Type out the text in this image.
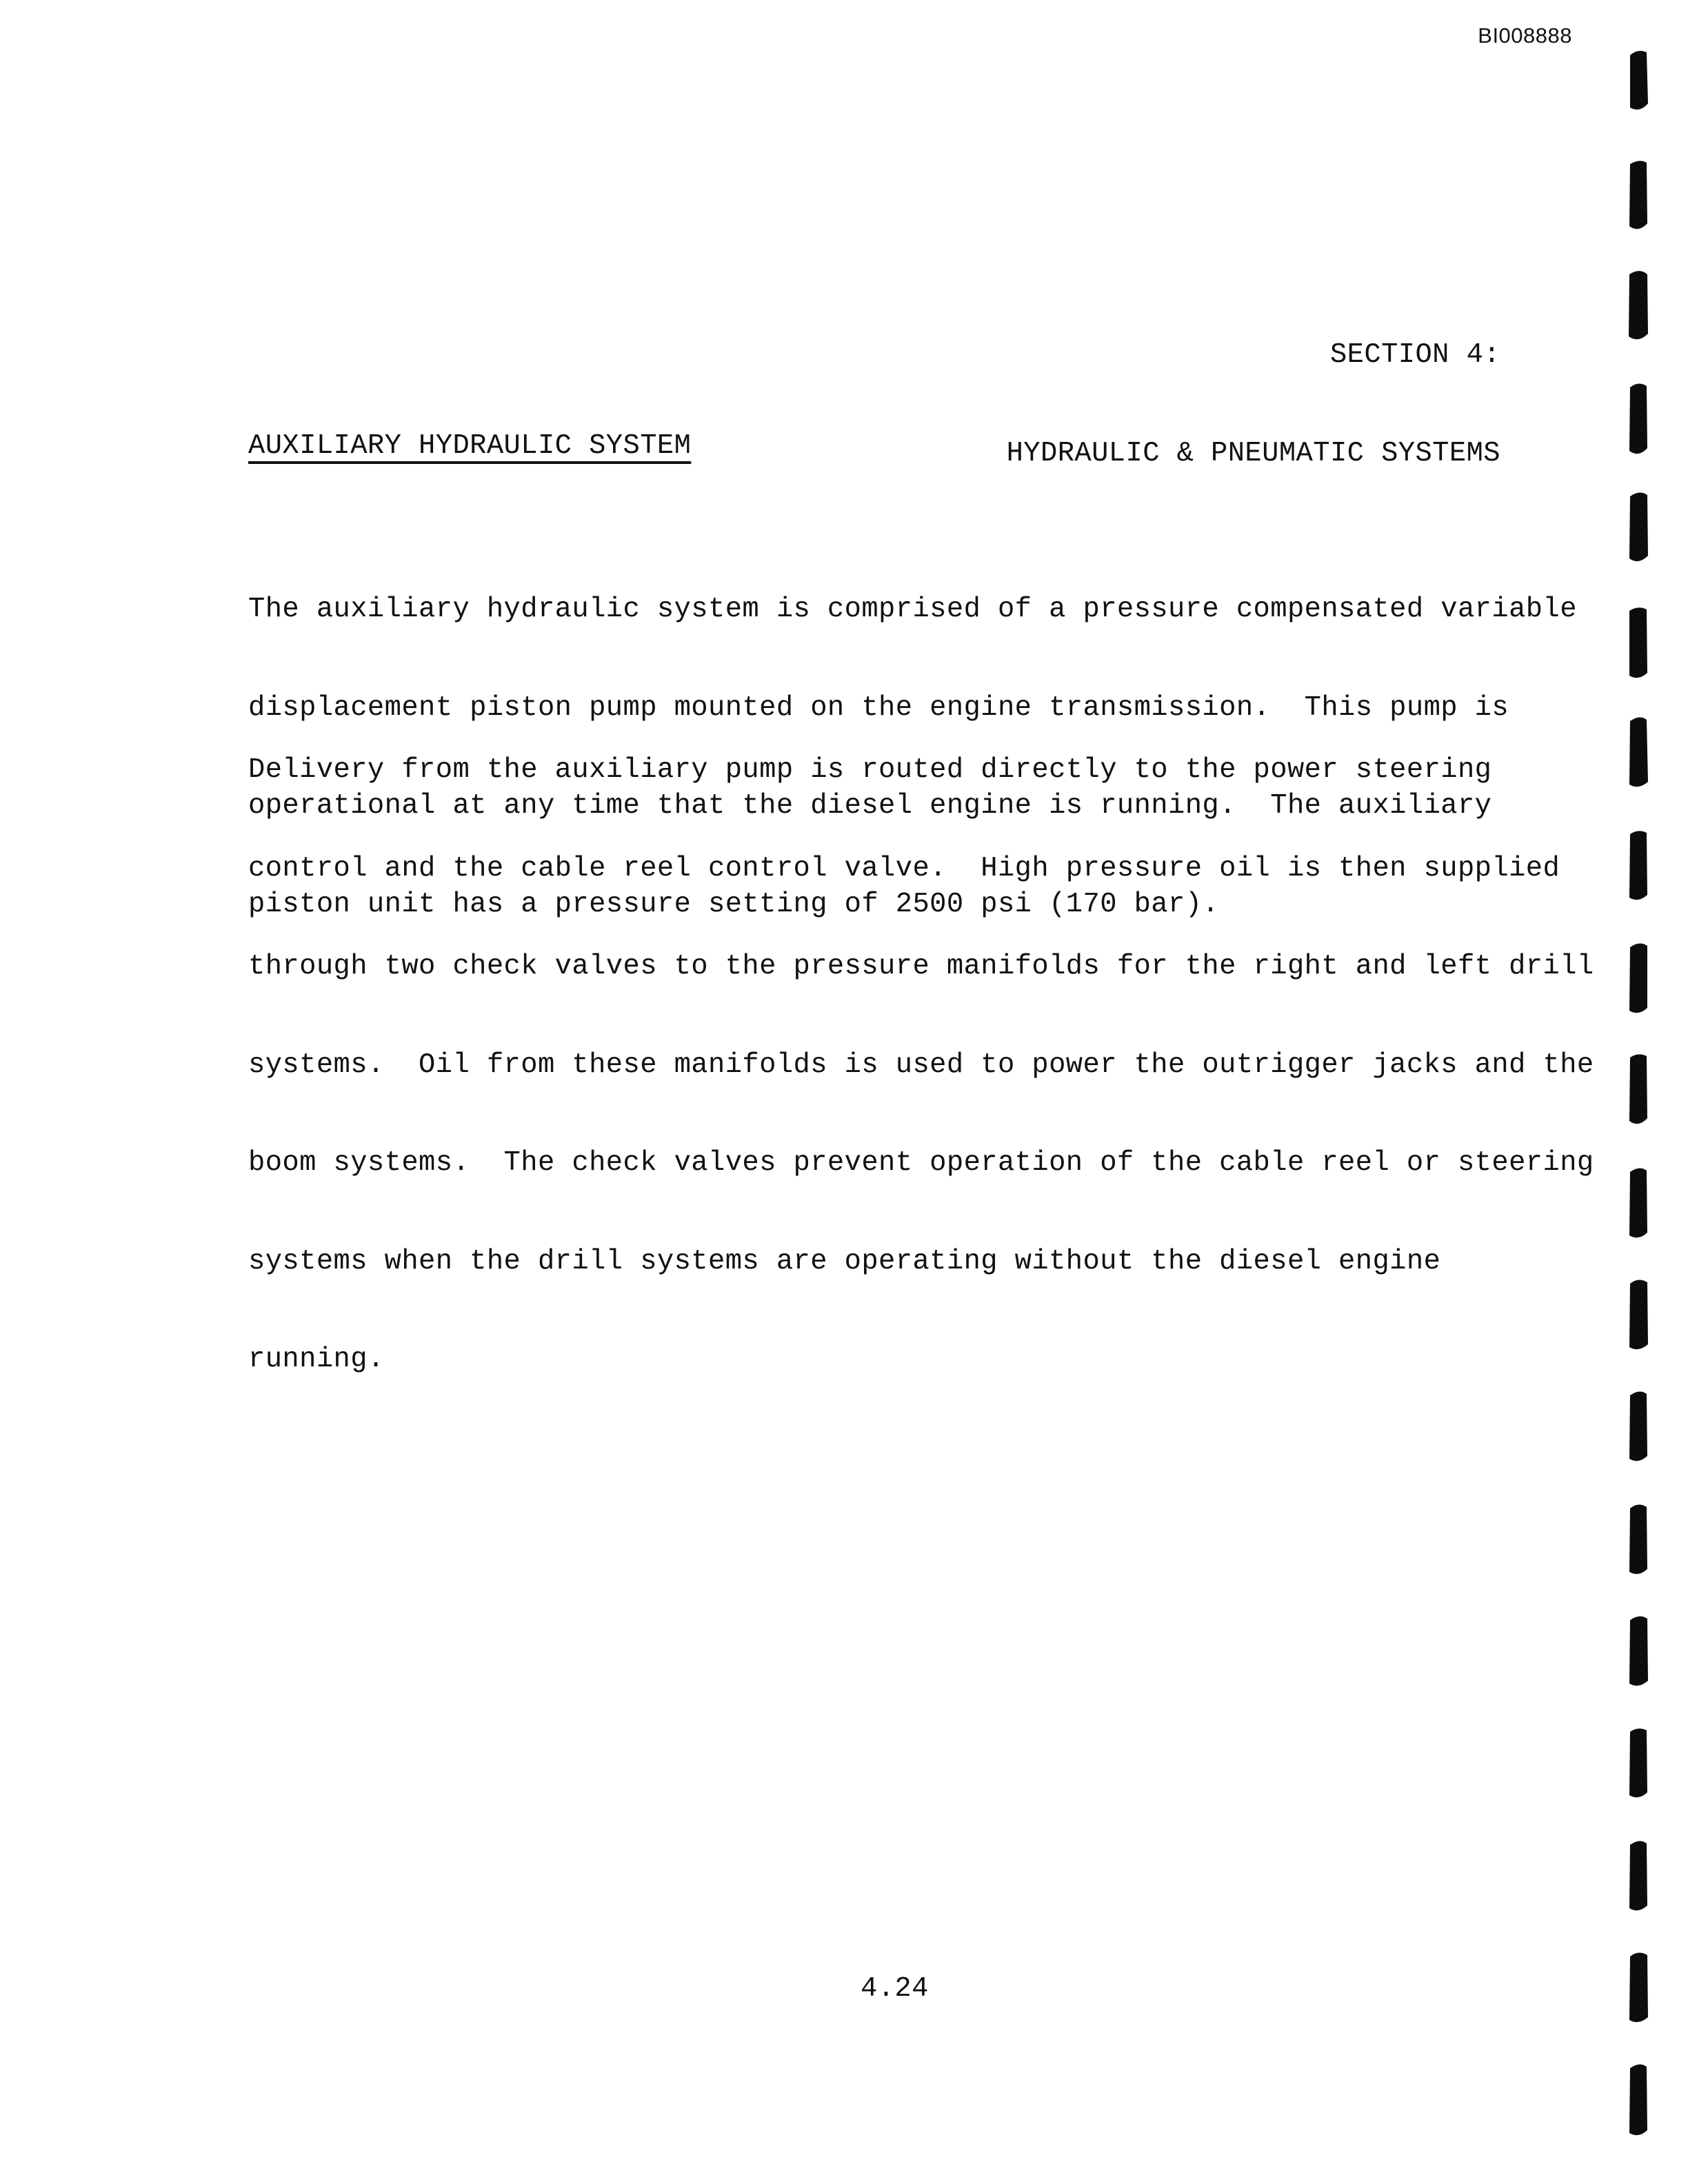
BI008888

SECTION 4:

HYDRAULIC & PNEUMATIC SYSTEMS

AUXILIARY HYDRAULIC SYSTEM

The auxiliary hydraulic system is comprised of a pressure compensated variable

displacement piston pump mounted on the engine transmission.  This pump is

operational at any time that the diesel engine is running.  The auxiliary

piston unit has a pressure setting of 2500 psi (170 bar).

Delivery from the auxiliary pump is routed directly to the power steering

control and the cable reel control valve.  High pressure oil is then supplied

through two check valves to the pressure manifolds for the right and left drill

systems.  Oil from these manifolds is used to power the outrigger jacks and the

boom systems.  The check valves prevent operation of the cable reel or steering

systems when the drill systems are operating without the diesel engine

running.

4.24
